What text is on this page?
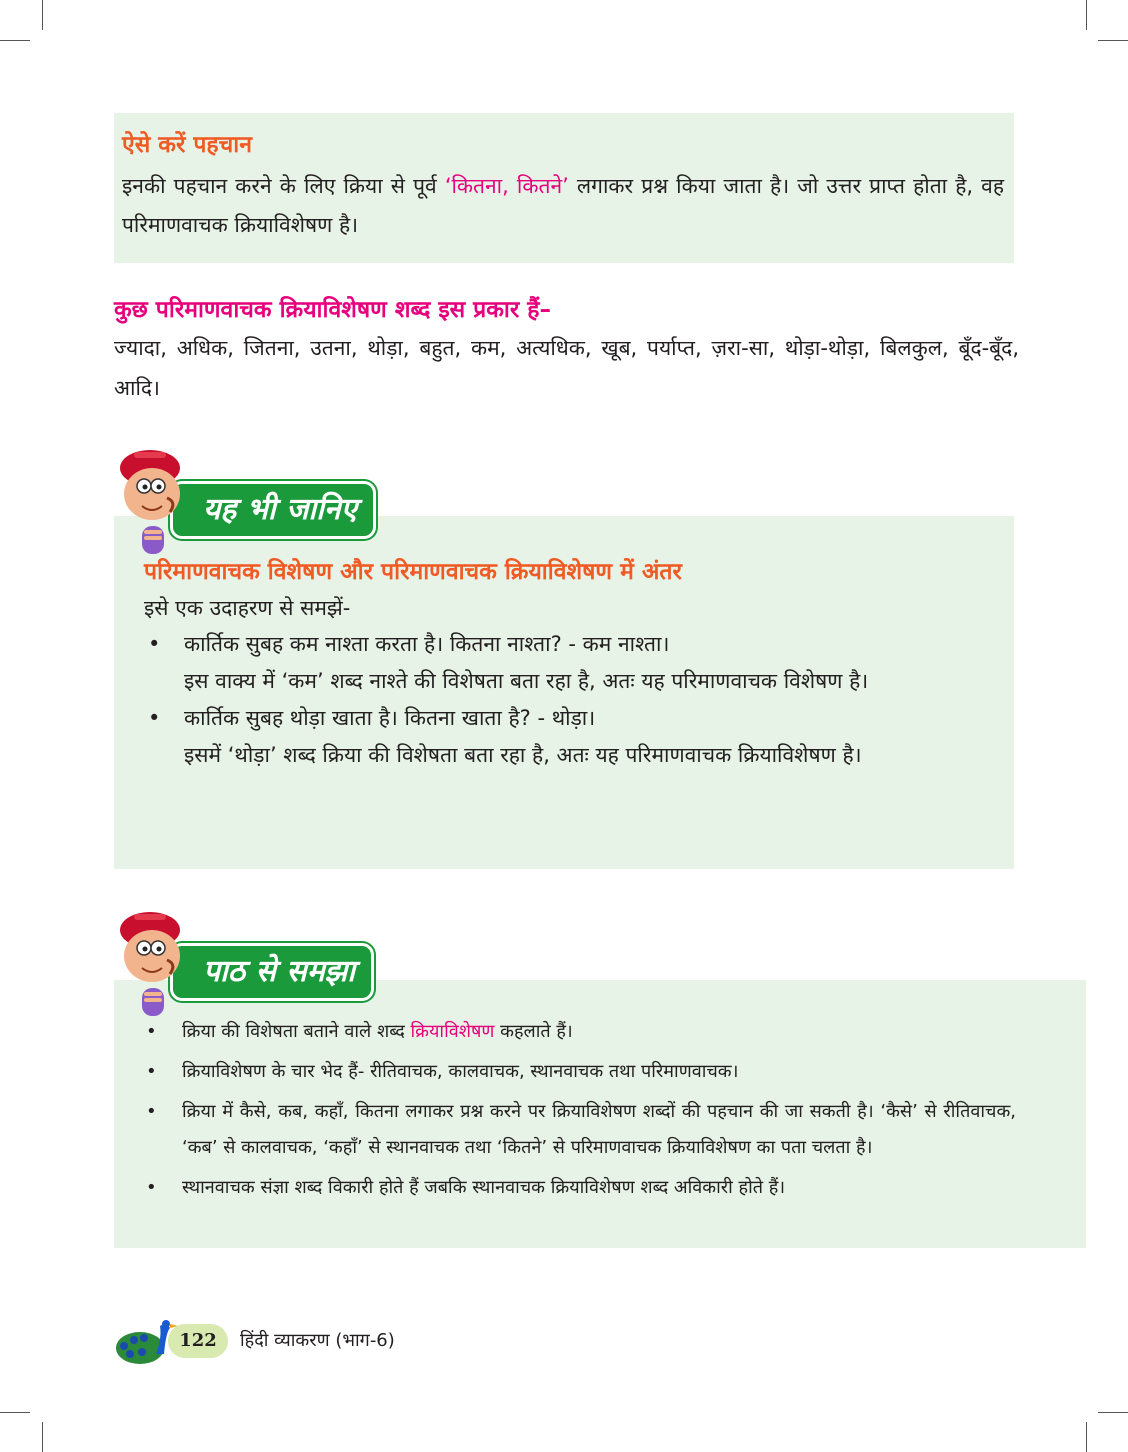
ऐसे करें पहचान

इनकी पहचान करने के लिए क्रिया से पूर्व ‘कितना, कितने’ लगाकर प्रश्न किया जाता है। जो उत्तर प्राप्त होता है, वह परिमाणवाचक क्रियाविशेषण है।

कुछ परिमाणवाचक क्रियाविशेषण शब्द इस प्रकार हैं–

ज्यादा, अधिक, जितना, उतना, थोड़ा, बहुत, कम, अत्यधिक, खूब, पर्याप्त, ज़रा-सा, थोड़ा-थोड़ा, बिलकुल, बूँद-बूँद, आदि।

परिमाणवाचक विशेषण और परिमाणवाचक क्रियाविशेषण में अंतर

इसे एक उदाहरण से समझें-

• कार्तिक सुबह कम नाश्ता करता है। कितना नाश्ता? - कम नाश्ता।
इस वाक्य में ‘कम’ शब्द नाश्ते की विशेषता बता रहा है, अतः यह परिमाणवाचक विशेषण है।
• कार्तिक सुबह थोड़ा खाता है। कितना खाता है? - थोड़ा।
इसमें ‘थोड़ा’ शब्द क्रिया की विशेषता बता रहा है, अतः यह परिमाणवाचक क्रियाविशेषण है।
यह भी जानिए
• क्रिया की विशेषता बताने वाले शब्द क्रियाविशेषण कहलाते हैं।
• क्रियाविशेषण के चार भेद हैं- रीतिवाचक, कालवाचक, स्थानवाचक तथा परिमाणवाचक।
• क्रिया में कैसे, कब, कहाँ, कितना लगाकर प्रश्न करने पर क्रियाविशेषण शब्दों की पहचान की जा सकती है। ‘कैसे’ से रीतिवाचक, ‘कब’ से कालवाचक, ‘कहाँ’ से स्थानवाचक तथा ‘कितने’ से परिमाणवाचक क्रियाविशेषण का पता चलता है।
• स्थानवाचक संज्ञा शब्द विकारी होते हैं जबकि स्थानवाचक क्रियाविशेषण शब्द अविकारी होते हैं।
पाठ से समझा
122	हिंदी व्याकरण (भाग-6)
